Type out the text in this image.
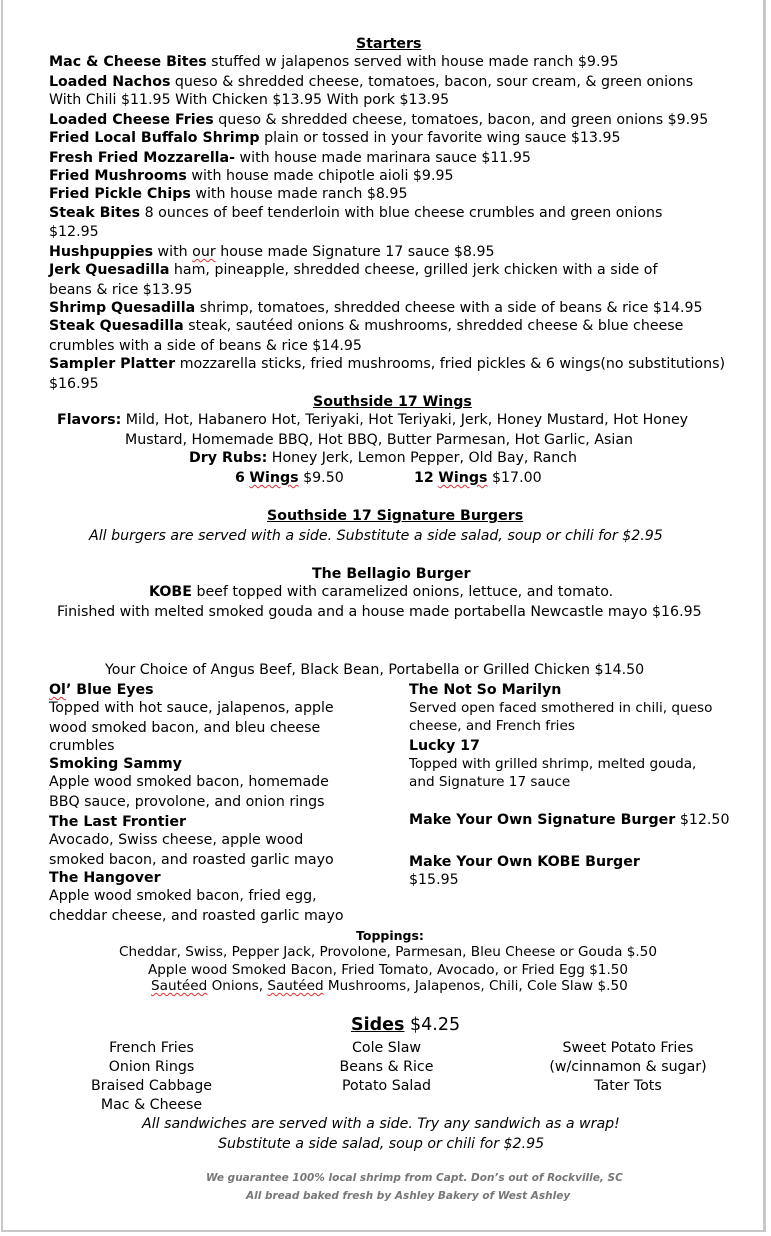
Starters
Mac & Cheese Bites stuffed w jalapenos served with house made ranch $9.95
Loaded Nachos queso & shredded cheese, tomatoes, bacon, sour cream, & green onions
With Chili $11.95 With Chicken $13.95 With pork $13.95
Loaded Cheese Fries queso & shredded cheese, tomatoes, bacon, and green onions $9.95
Fried Local Buffalo Shrimp plain or tossed in your favorite wing sauce $13.95
Fresh Fried Mozzarella- with house made marinara sauce $11.95
Fried Mushrooms with house made chipotle aioli $9.95
Fried Pickle Chips with house made ranch $8.95
Steak Bites 8 ounces of beef tenderloin with blue cheese crumbles and green onions
$12.95
Hushpuppies with our house made Signature 17 sauce $8.95
Jerk Quesadilla ham, pineapple, shredded cheese, grilled jerk chicken with a side of
beans & rice $13.95
Shrimp Quesadilla shrimp, tomatoes, shredded cheese with a side of beans & rice $14.95
Steak Quesadilla steak, sautéed onions & mushrooms, shredded cheese & blue cheese
crumbles with a side of beans & rice $14.95
Sampler Platter mozzarella sticks, fried mushrooms, fried pickles & 6 wings(no substitutions)
$16.95
Southside 17 Wings
Flavors: Mild, Hot, Habanero Hot, Teriyaki, Hot Teriyaki, Jerk, Honey Mustard, Hot Honey
Mustard, Homemade BBQ, Hot BBQ, Butter Parmesan, Hot Garlic, Asian
Dry Rubs: Honey Jerk, Lemon Pepper, Old Bay, Ranch
6 Wings $9.50	12 Wings $17.00
Southside 17 Signature Burgers
All burgers are served with a side. Substitute a side salad, soup or chili for $2.95
The Bellagio Burger
KOBE beef topped with caramelized onions, lettuce, and tomato.
Finished with melted smoked gouda and a house made portabella Newcastle mayo $16.95
Your Choice of Angus Beef, Black Bean, Portabella or Grilled Chicken $14.50
Ol’ Blue Eyes
Topped with hot sauce, jalapenos, apple
wood smoked bacon, and bleu cheese
crumbles
Smoking Sammy
Apple wood smoked bacon, homemade
BBQ sauce, provolone, and onion rings
The Last Frontier
Avocado, Swiss cheese, apple wood
smoked bacon, and roasted garlic mayo
The Hangover
Apple wood smoked bacon, fried egg,
cheddar cheese, and roasted garlic mayo
The Not So Marilyn
Served open faced smothered in chili, queso
cheese, and French fries
Lucky 17
Topped with grilled shrimp, melted gouda,
and Signature 17 sauce
Make Your Own Signature Burger $12.50
Make Your Own KOBE Burger
$15.95
Toppings:
Cheddar, Swiss, Pepper Jack, Provolone, Parmesan, Bleu Cheese or Gouda $.50
Apple wood Smoked Bacon, Fried Tomato, Avocado, or Fried Egg $1.50
Sautéed Onions, Sautéed Mushrooms, Jalapenos, Chili, Cole Slaw $.50
Sides $4.25
French Fries
Onion Rings
Braised Cabbage
Mac & Cheese
Cole Slaw
Beans & Rice
Potato Salad
Sweet Potato Fries
(w/cinnamon & sugar)
Tater Tots
All sandwiches are served with a side. Try any sandwich as a wrap!
Substitute a side salad, soup or chili for $2.95
We guarantee 100% local shrimp from Capt. Don’s out of Rockville, SC
All bread baked fresh by Ashley Bakery of West Ashley
